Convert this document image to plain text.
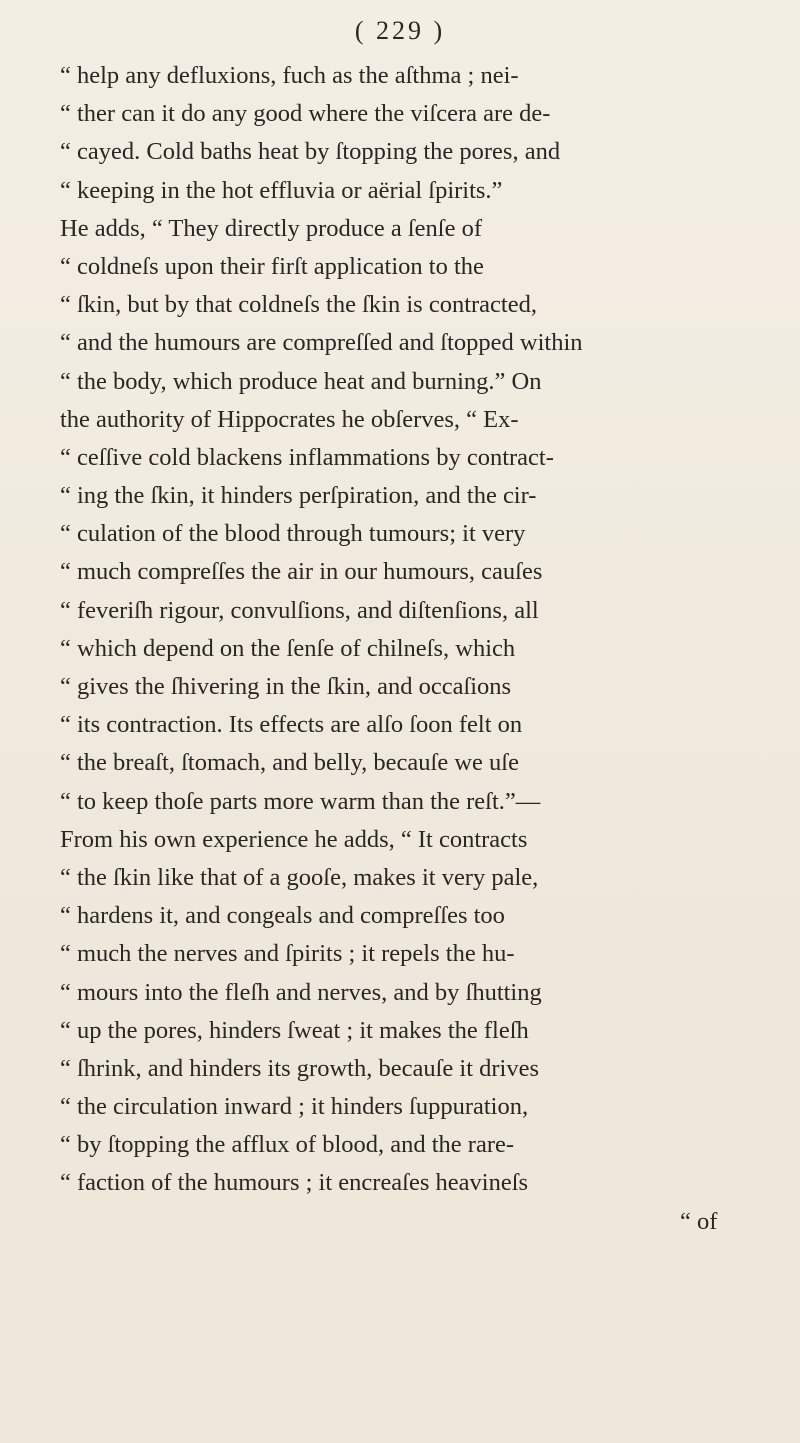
( 229 )
“ help any defluxions, fuch as the aſthma ; nei-
“ ther can it do any good where the viſcera are de-
“ cayed. Cold baths heat by ſtopping the pores, and
“ keeping in the hot effluvia or aërial ſpirits.”
He adds, “ They directly produce a ſenſe of
“ coldneſs upon their firſt application to the
“ ſkin, but by that coldneſs the ſkin is contracted,
“ and the humours are compreſſed and ſtopped within
“ the body, which produce heat and burning.” On
the authority of Hippocrates he obſerves, “ Ex-
“ ceſſive cold blackens inflammations by contract-
“ ing the ſkin, it hinders perſpiration, and the cir-
“ culation of the blood through tumours; it very
“ much compreſſes the air in our humours, cauſes
“ feveriſh rigour, convulſions, and diſtenſions, all
“ which depend on the ſenſe of chilneſs, which
“ gives the ſhivering in the ſkin, and occaſions
“ its contraction. Its effects are alſo ſoon felt on
“ the breaſt, ſtomach, and belly, becauſe we uſe
“ to keep thoſe parts more warm than the reſt.”—
From his own experience he adds, “ It contracts
“ the ſkin like that of a gooſe, makes it very pale,
“ hardens it, and congeals and compreſſes too
“ much the nerves and ſpirits ; it repels the hu-
“ mours into the fleſh and nerves, and by ſhutting
“ up the pores, hinders ſweat ; it makes the fleſh
“ ſhrink, and hinders its growth, becauſe it drives
“ the circulation inward ; it hinders ſuppuration,
“ by ſtopping the afflux of blood, and the rare-
“ faction of the humours ; it encreaſes heavineſs
“ of
